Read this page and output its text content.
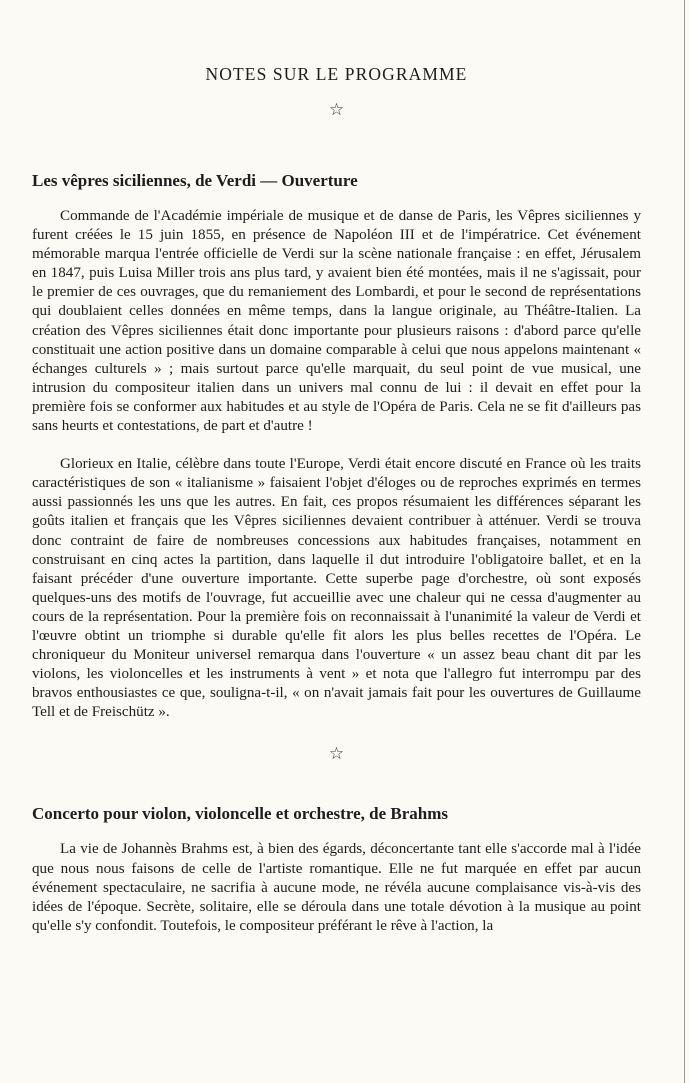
NOTES SUR LE PROGRAMME
☆
Les vêpres siciliennes, de Verdi — Ouverture

Commande de l'Académie impériale de musique et de danse de Paris, les Vêpres siciliennes y furent créées le 15 juin 1855, en présence de Napoléon III et de l'impératrice. Cet événement mémorable marqua l'entrée officielle de Verdi sur la scène nationale française : en effet, Jérusalem en 1847, puis Luisa Miller trois ans plus tard, y avaient bien été montées, mais il ne s'agissait, pour le premier de ces ouvrages, que du remaniement des Lombardi, et pour le second de représentations qui doublaient celles données en même temps, dans la langue originale, au Théâtre-Italien. La création des Vêpres siciliennes était donc importante pour plusieurs raisons : d'abord parce qu'elle constituait une action positive dans un domaine comparable à celui que nous appelons maintenant « échanges culturels » ; mais surtout parce qu'elle marquait, du seul point de vue musical, une intrusion du compositeur italien dans un univers mal connu de lui : il devait en effet pour la première fois se conformer aux habitudes et au style de l'Opéra de Paris. Cela ne se fit d'ailleurs pas sans heurts et contestations, de part et d'autre !

Glorieux en Italie, célèbre dans toute l'Europe, Verdi était encore discuté en France où les traits caractéristiques de son « italianisme » faisaient l'objet d'éloges ou de reproches exprimés en termes aussi passionnés les uns que les autres. En fait, ces propos résumaient les différences séparant les goûts italien et français que les Vêpres siciliennes devaient contribuer à atténuer. Verdi se trouva donc contraint de faire de nombreuses concessions aux habitudes françaises, notamment en construisant en cinq actes la partition, dans laquelle il dut introduire l'obligatoire ballet, et en la faisant précéder d'une ouverture importante. Cette superbe page d'orchestre, où sont exposés quelques-uns des motifs de l'ouvrage, fut accueillie avec une chaleur qui ne cessa d'augmenter au cours de la représentation. Pour la première fois on reconnaissait à l'unanimité la valeur de Verdi et l'œuvre obtint un triomphe si durable qu'elle fit alors les plus belles recettes de l'Opéra. Le chroniqueur du Moniteur universel remarqua dans l'ouverture « un assez beau chant dit par les violons, les violoncelles et les instruments à vent » et nota que l'allegro fut interrompu par des bravos enthousiastes ce que, souligna-t-il, « on n'avait jamais fait pour les ouvertures de Guillaume Tell et de Freischütz ».

☆
Concerto pour violon, violoncelle et orchestre, de Brahms

La vie de Johannès Brahms est, à bien des égards, déconcertante tant elle s'accorde mal à l'idée que nous nous faisons de celle de l'artiste romantique. Elle ne fut marquée en effet par aucun événement spectaculaire, ne sacrifia à aucune mode, ne révéla aucune complaisance vis-à-vis des idées de l'époque. Secrète, solitaire, elle se déroula dans une totale dévotion à la musique au point qu'elle s'y confondit. Toutefois, le compositeur préférant le rêve à l'action, la
